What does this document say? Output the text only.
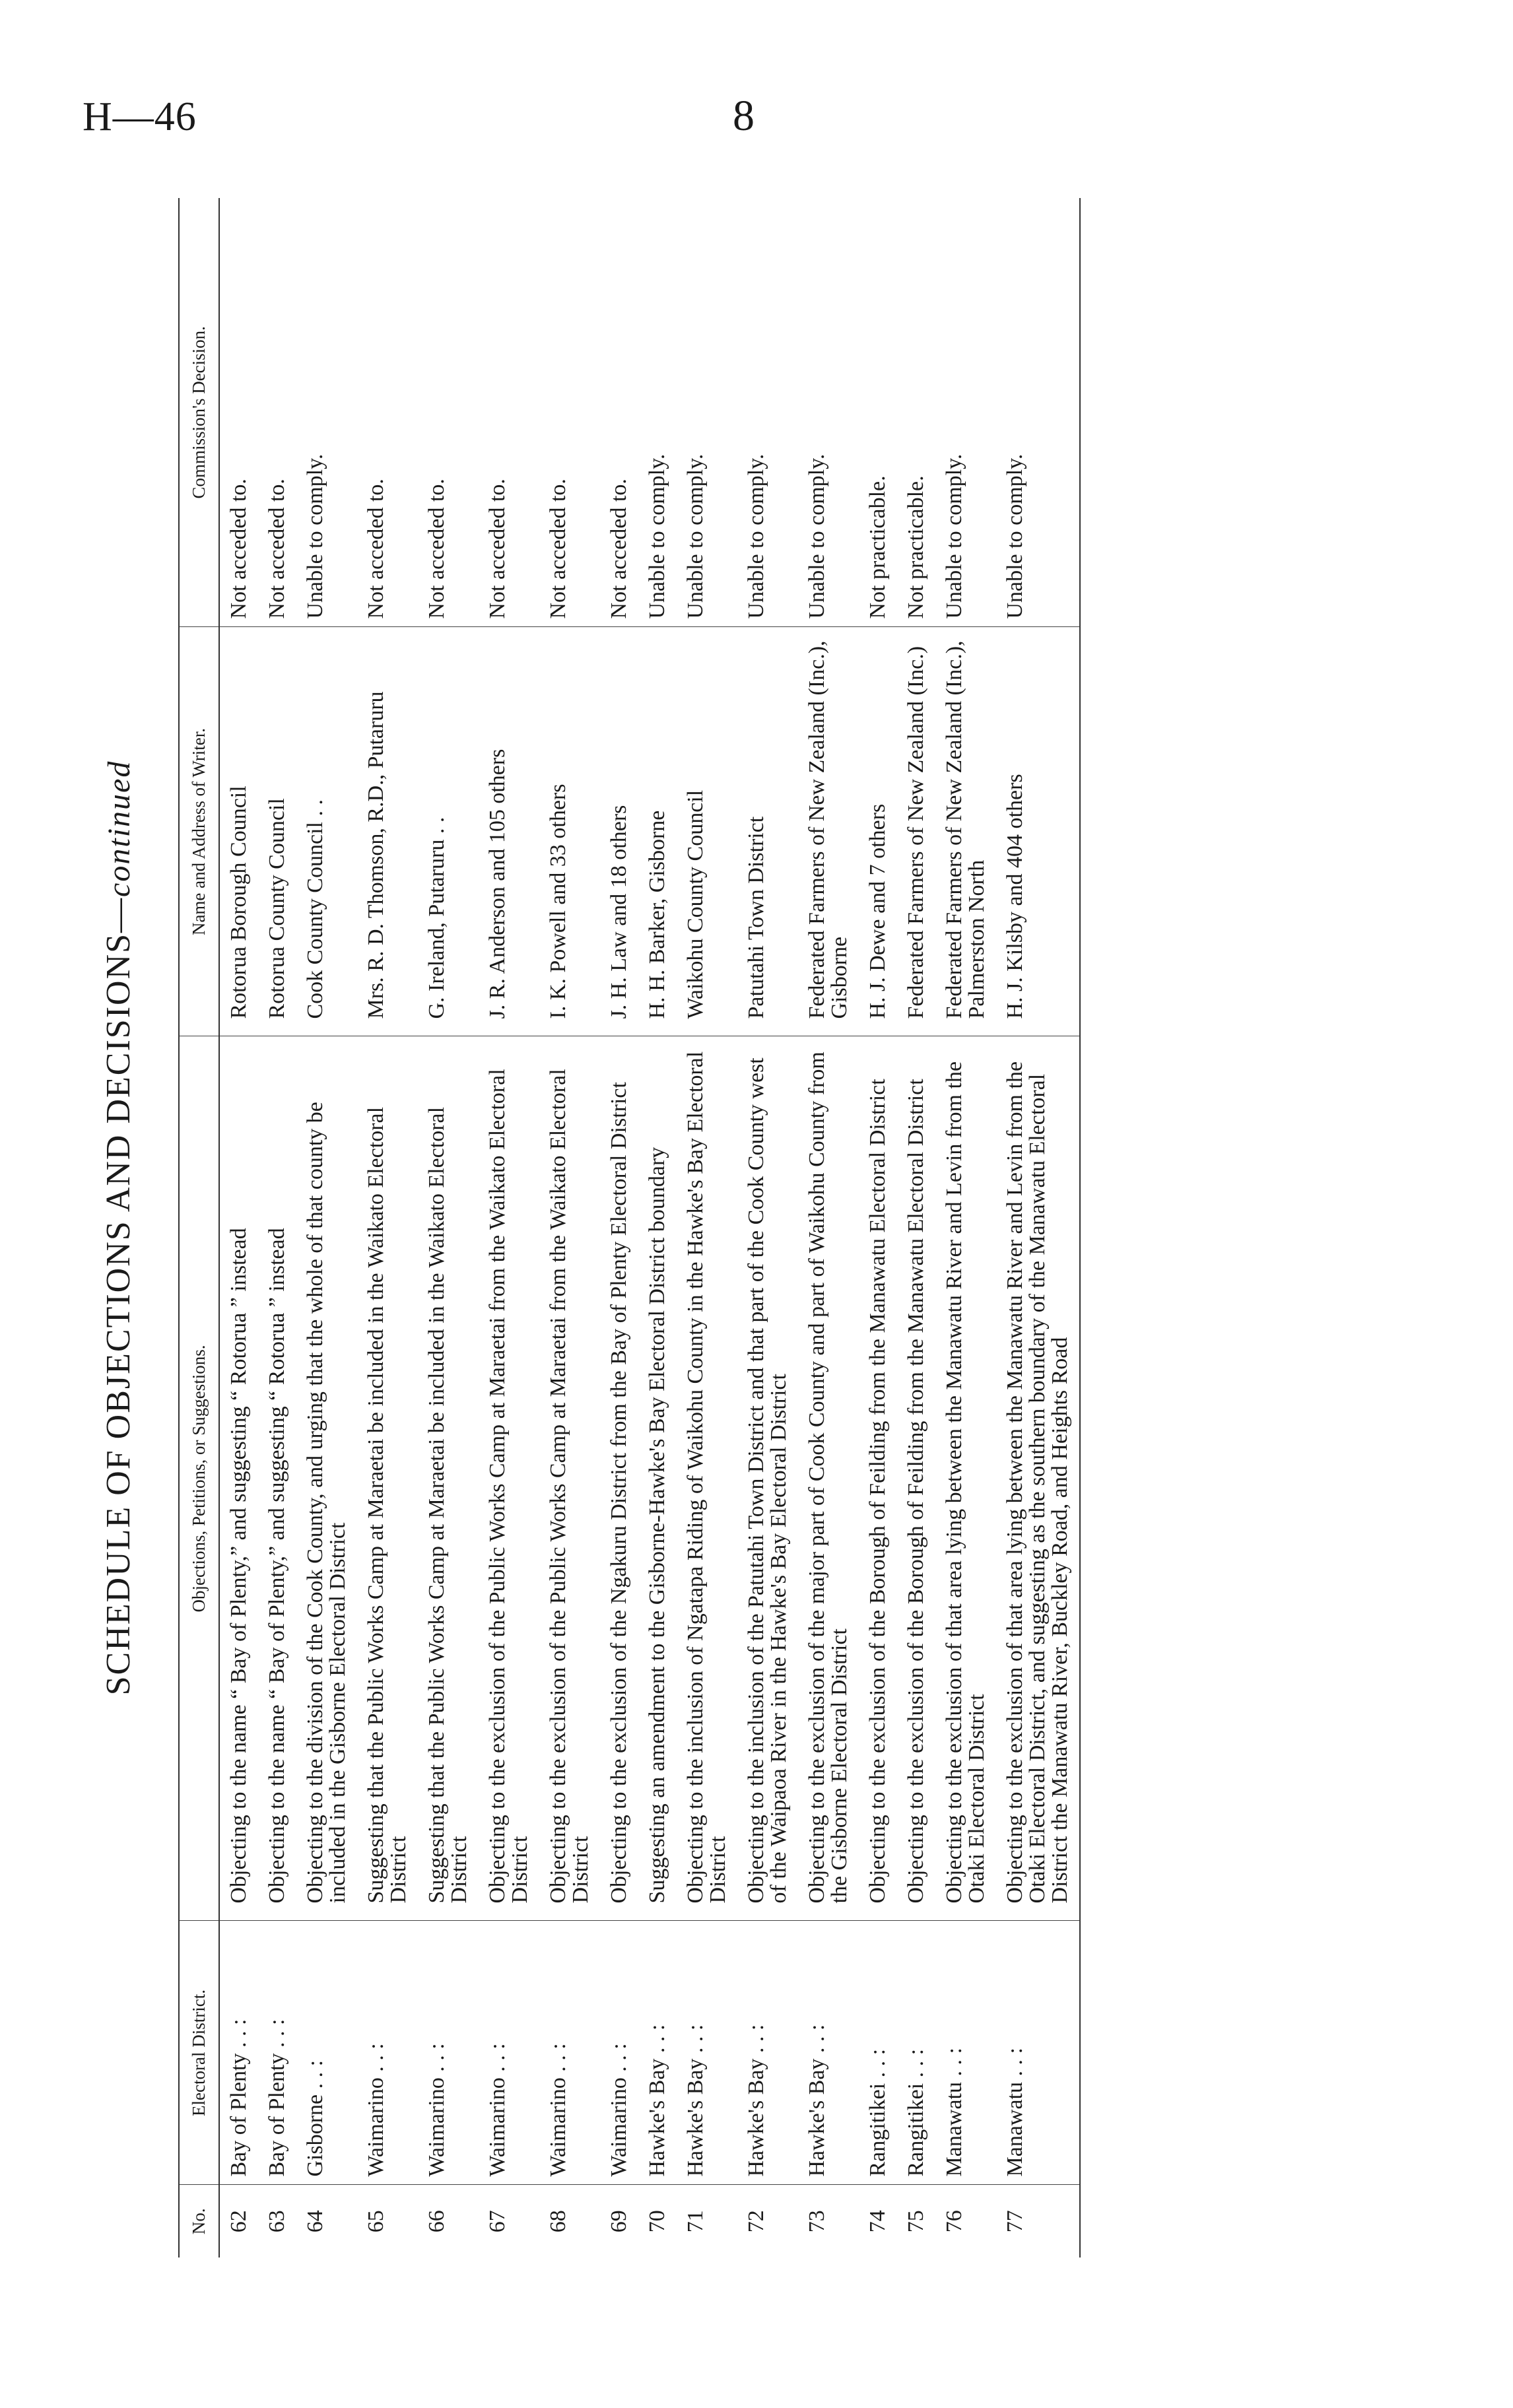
H—46	8
SCHEDULE OF OBJECTIONS AND DECISIONS—continued
No.	Electoral District.	Objections, Petitions, or Suggestions.	Name and Address of Writer.	Commission's Decision.
62	Bay of Plenty . . :	Objecting to the name “ Bay of Plenty,” and suggesting “ Rotorua ” instead	Rotorua Borough Council	Not acceded to.
63	Bay of Plenty . . :	Objecting to the name “ Bay of Plenty,” and suggesting “ Rotorua ” instead	Rotorua County Council	Not acceded to.
64	Gisborne . . :	Objecting to the division of the Cook County, and urging that the whole of that county be included in the Gisborne Electoral District	Cook County Council . .	Unable to comply.
65	Waimarino . . :	Suggesting that the Public Works Camp at Maraetai be included in the Waikato Electoral District	Mrs. R. D. Thomson, R.D., Putaruru	Not acceded to.
66	Waimarino . . :	Suggesting that the Public Works Camp at Maraetai be included in the Waikato Electoral District	G. Ireland, Putaruru . .	Not acceded to.
67	Waimarino . . :	Objecting to the exclusion of the Public Works Camp at Maraetai from the Waikato Electoral District	J. R. Anderson and 105 others	Not acceded to.
68	Waimarino . . :	Objecting to the exclusion of the Public Works Camp at Maraetai from the Waikato Electoral District	I. K. Powell and 33 others	Not acceded to.
69	Waimarino . . :	Objecting to the exclusion of the Ngakuru District from the Bay of Plenty Electoral District	J. H. Law and 18 others	Not acceded to.
70	Hawke's Bay . . :	Suggesting an amendment to the Gisborne-Hawke's Bay Electoral District boundary	H. H. Barker, Gisborne	Unable to comply.
71	Hawke's Bay . . :	Objecting to the inclusion of Ngatapa Riding of Waikohu County in the Hawke's Bay Electoral District	Waikohu County Council	Unable to comply.
72	Hawke's Bay . . :	Objecting to the inclusion of the Patutahi Town District and that part of the Cook County west of the Waipaoa River in the Hawke's Bay Electoral District	Patutahi Town District	Unable to comply.
73	Hawke's Bay . . :	Objecting to the exclusion of the major part of Cook County and part of Waikohu County from the Gisborne Electoral District	Federated Farmers of New Zealand (Inc.), Gisborne	Unable to comply.
74	Rangitikei . . :	Objecting to the exclusion of the Borough of Feilding from the Manawatu Electoral District	H. J. Dewe and 7 others	Not practicable.
75	Rangitikei . . :	Objecting to the exclusion of the Borough of Feilding from the Manawatu Electoral District	Federated Farmers of New Zealand (Inc.)	Not practicable.
76	Manawatu . . :	Objecting to the exclusion of that area lying between the Manawatu River and Levin from the Otaki Electoral District	Federated Farmers of New Zealand (Inc.), Palmerston North	Unable to comply.
77	Manawatu . . :	Objecting to the exclusion of that area lying between the Manawatu River and Levin from the Otaki Electoral District, and suggesting as the southern boundary of the Manawatu Electoral District the Manawatu River, Buckley Road, and Heights Road	H. J. Kilsby and 404 others	Unable to comply.
